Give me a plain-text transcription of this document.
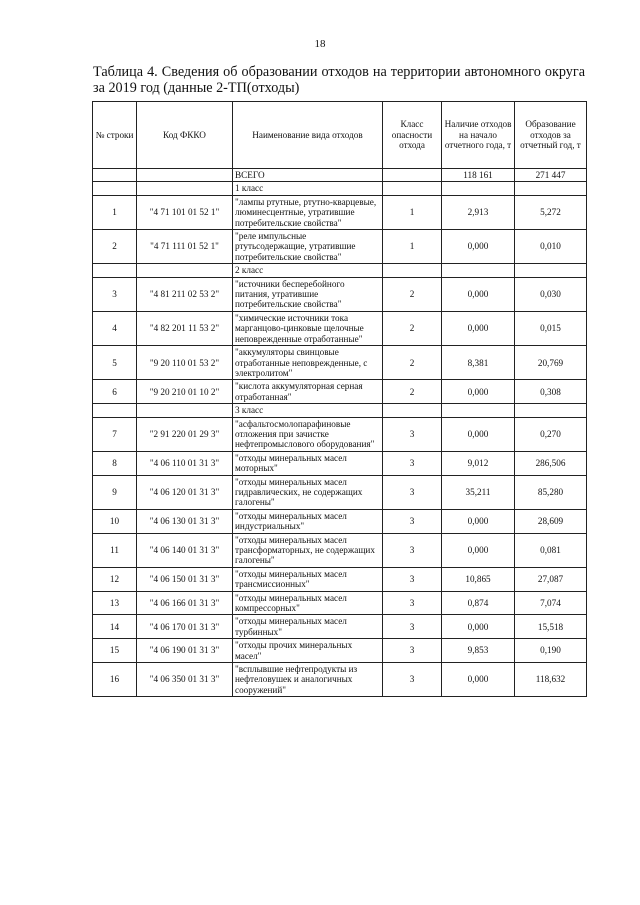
18
Таблица 4. Сведения об образовании отходов на территории автономного округа за 2019 год (данные 2-ТП(отходы)
№ строки	Код ФККО	Наименование вида отходов	Класс опасности отхода	Наличие отходов на начало отчетного года, т	Образование отходов за отчетный год, т
		ВСЕГО		118 161	271 447
		1 класс			
1	"4 71 101 01 52 1"	"лампы ртутные, ртутно-кварцевые, люминесцентные, утратившие потребительские свойства"	1	2,913	5,272
2	"4 71 111 01 52 1"	"реле импульсные ртутьсодержащие, утратившие потребительские свойства"	1	0,000	0,010
		2 класс			
3	"4 81 211 02 53 2"	"источники бесперебойного питания, утратившие потребительские свойства"	2	0,000	0,030
4	"4 82 201 11 53 2"	"химические источники тока марганцово-цинковые щелочные неповрежденные отработанные"	2	0,000	0,015
5	"9 20 110 01 53 2"	"аккумуляторы свинцовые отработанные неповрежденные, с электролитом"	2	8,381	20,769
6	"9 20 210 01 10 2"	"кислота аккумуляторная серная отработанная"	2	0,000	0,308
		3 класс			
7	"2 91 220 01 29 3"	"асфальтосмолопарафиновые отложения при зачистке нефтепромыслового оборудования"	3	0,000	0,270
8	"4 06 110 01 31 3"	"отходы минеральных масел моторных"	3	9,012	286,506
9	"4 06 120 01 31 3"	"отходы минеральных масел гидравлических, не содержащих галогены"	3	35,211	85,280
10	"4 06 130 01 31 3"	"отходы минеральных масел индустриальных"	3	0,000	28,609
11	"4 06 140 01 31 3"	"отходы минеральных масел трансформаторных, не содержащих галогены"	3	0,000	0,081
12	"4 06 150 01 31 3"	"отходы минеральных масел трансмиссионных"	3	10,865	27,087
13	"4 06 166 01 31 3"	"отходы минеральных масел компрессорных"	3	0,874	7,074
14	"4 06 170 01 31 3"	"отходы минеральных масел турбинных"	3	0,000	15,518
15	"4 06 190 01 31 3"	"отходы прочих минеральных масел"	3	9,853	0,190
16	"4 06 350 01 31 3"	"всплывшие нефтепродукты из нефтеловушек и аналогичных сооружений"	3	0,000	118,632
